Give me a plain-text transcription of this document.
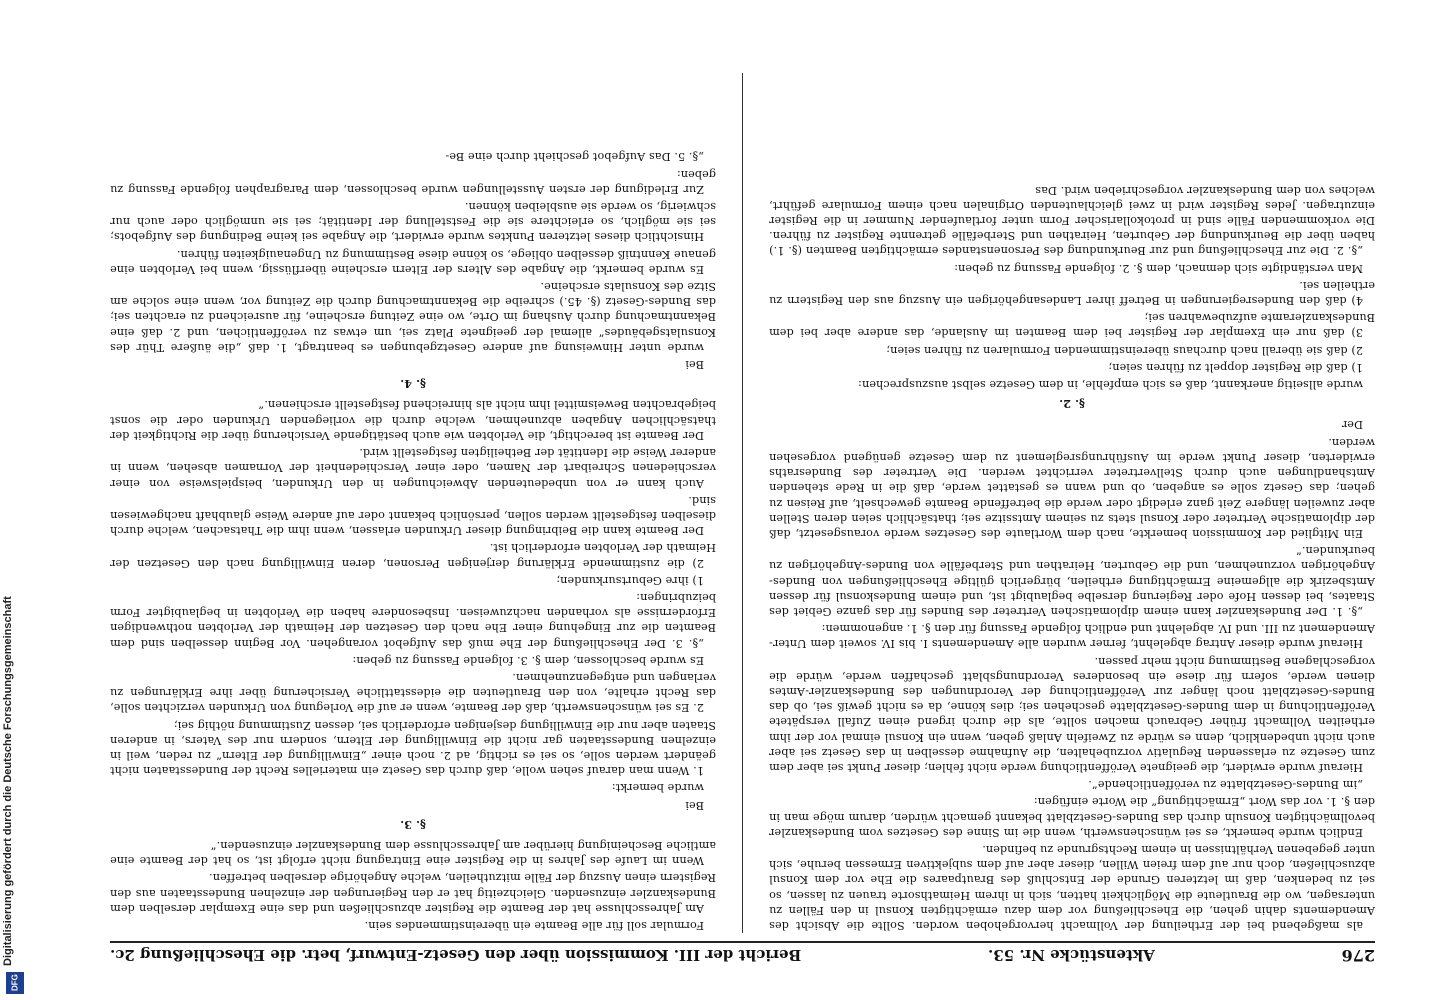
Digitalisierung gefördert durch die Deutsche Forschungsgemeinschaft
DFG
276
Aktenstücke Nr. 53.
Bericht der III. Kommission über den Gesetz-Entwurf, betr. die Eheschließung 2c.

als maßgebend bei der Ertheilung der Vollmacht hervorgehoben worden. Sollte die Absicht des Amendements dahin gehen, die Eheschließung vor dem dazu ermächtigten Konsul in den Fällen zu untersagen, wo die Brautleute die Möglichkeit hatten, sich in ihrem Heimathsorte trauen zu lassen, so sei zu bedenken, daß im letzteren Grunde der Entschluß des Brautpaares die Ehe vor dem Konsul abzuschließen, doch nur auf dem freien Willen, dieser aber auf dem subjektiven Ermessen beruhe, sich unter gegebenen Verhältnissen in einem Rechtsgrunde zu befinden.

Endlich wurde bemerkt, es sei wünschenswerth, wenn die im Sinne des Gesetzes vom Bundeskanzler bevollmächtigten Konsuln durch das Bundes-Gesetzblatt bekannt gemacht würden, darum möge man in den §. 1. vor das Wort „Ermächtigung“ die Worte einfügen:

„im Bundes-Gesetzblatte zu veröffentlichende“.

Hierauf wurde erwidert, die geeignete Veröffentlichung werde nicht fehlen; dieser Punkt sei aber dem zum Gesetze zu erlassenden Regulativ vorzubehalten, die Aufnahme desselben in das Gesetz sei aber auch nicht unbedenklich, denn es würde zu Zweifeln Anlaß geben, wenn ein Konsul einmal vor der ihm ertheilten Vollmacht früher Gebrauch machen sollte, als die durch irgend einen Zufall verspätete Veröffentlichung in dem Bundes-Gesetzblatte geschehen sei; dies könne, da es nicht gewiß sei, ob das Bundes-Gesetzblatt noch länger zur Veröffentlichung der Verordnungen des Bundeskanzler-Amtes dienen werde, sofern für diese ein besonderes Verordnungsblatt geschaffen werde, würde die vorgeschlagene Bestimmung nicht mehr passen.

Hierauf wurde dieser Antrag abgelehnt, ferner wurden alle Amendements I. bis IV. soweit dem Unter-Amendement zu III. und IV. abgelehnt und endlich folgende Fassung für den §. 1. angenommen:

„§. 1. Der Bundeskanzler kann einem diplomatischen Vertreter des Bundes für das ganze Gebiet des Staates, bei dessen Hofe oder Regierung derselbe beglaubigt ist, und einem Bundeskonsul für dessen Amtsbezirk die allgemeine Ermächtigung ertheilen, bürgerlich gültige Eheschließungen von Bundes-Angehörigen vorzunehmen, und die Geburten, Heirathen und Sterbefälle von Bundes-Angehörigen zu beurkunden.“

Ein Mitglied der Kommission bemerkte, nach dem Wortlaute des Gesetzes werde vorausgesetzt, daß der diplomatische Vertreter oder Konsul stets zu seinem Amtssitze sei; thatsächlich seien deren Stellen aber zuweilen längere Zeit ganz erledigt oder werde die betreffende Beamte gewechselt, auf Reisen zu gehen; das Gesetz solle es angeben, ob und wann es gestattet werde, daß die in Rede stehenden Amtshandlungen auch durch Stellvertreter verrichtet werden. Die Vertreter des Bundesraths erwiderten, dieser Punkt werde im Ausführungsreglement zu dem Gesetze genügend vorgesehen werden.

Der

§. 2.

wurde allseitig anerkannt, daß es sich empfehle, in dem Gesetze selbst auszusprechen:

1) daß die Register doppelt zu führen seien;

2) daß sie überall nach durchaus übereinstimmenden Formularen zu führen seien;

3) daß nur ein Exemplar der Register bei dem Beamten im Auslande, das andere aber bei dem Bundeskanzleramte aufzubewahren sei;

4) daß den Bundesregierungen in Betreff ihrer Landesangehörigen ein Auszug aus den Registern zu ertheilen sei.

Man verständigte sich demnach, dem §. 2. folgende Fassung zu geben:

„§. 2. Die zur Eheschließung und zur Beurkundung des Personenstandes ermächtigten Beamten (§. 1.) haben über die Beurkundung der Geburten, Heirathen und Sterbefälle getrennte Register zu führen. Die vorkommenden Fälle sind in protokollarischer Form unter fortlaufender Nummer in die Register einzutragen. Jedes Register wird in zwei gleichlautenden Originalen nach einem Formulare geführt, welches von dem Bundeskanzler vorgeschrieben wird. Das

Formular soll für alle Beamte ein übereinstimmendes sein.

Am Jahresschlusse hat der Beamte die Register abzuschließen und das eine Exemplar derselben dem Bundeskanzler einzusenden. Gleichzeitig hat er den Regierungen der einzelnen Bundesstaaten aus den Registern einen Auszug der Fälle mitzutheilen, welche Angehörige derselben betreffen.

Wenn im Laufe des Jahres in die Register eine Eintragung nicht erfolgt ist, so hat der Beamte eine amtliche Bescheinigung hierüber am Jahresschlusse dem Bundeskanzler einzusenden.“

§. 3.

Bei

wurde bemerkt:

1. Wenn man darauf sehen wolle, daß durch das Gesetz ein materielles Recht der Bundesstaaten nicht geändert werden solle, so sei es richtig, ad 2. noch einer „Einwilligung der Eltern“ zu reden, weil in einzelnen Bundesstaaten gar nicht die Einwilligung der Eltern, sondern nur des Vaters, in anderen Staaten aber nur die Einwilligung desjenigen erforderlich sei, dessen Zustimmung nöthig sei;

2. Es sei wünschenswerth, daß der Beamte, wenn er auf die Vorlegung von Urkunden verzichten solle, das Recht erhalte, von den Brautleuten die eidesstattliche Versicherung über ihre Erklärungen zu verlangen und entgegenzunehmen.

Es wurde beschlossen, dem §. 3. folgende Fassung zu geben:

„§. 3. Der Eheschließung der Ehe muß das Aufgebot vorangehen. Vor Beginn desselben sind dem Beamten die zur Eingehung einer Ehe nach den Gesetzen der Heimath der Verlobten nothwendigen Erfordernisse als vorhanden nachzuweisen. Insbesondere haben die Verlobten in beglaubigter Form beizubringen:

1) ihre Geburtsurkunden;

2) die zustimmende Erklärung derjenigen Personen, deren Einwilligung nach den Gesetzen der Heimath der Verlobten erforderlich ist.

Der Beamte kann die Beibringung dieser Urkunden erlassen, wenn ihm die Thatsachen, welche durch dieselben festgestellt werden sollen, persönlich bekannt oder auf andere Weise glaubhaft nachgewiesen sind.

Auch kann er von unbedeutenden Abweichungen in den Urkunden, beispielsweise von einer verschiedenen Schreibart der Namen, oder einer Verschiedenheit der Vornamen absehen, wenn in anderer Weise die Identität der Betheiligten festgestellt wird.

Der Beamte ist berechtigt, die Verlobten wie auch bestätigende Versicherung über die Richtigkeit der thatsächlichen Angaben abzunehmen, welche durch die vorliegenden Urkunden oder die sonst beigebrachten Beweismittel ihm nicht als hinreichend festgestellt erschienen.“

§. 4.

Bei

wurde unter Hinweisung auf andere Gesetzgebungen es beantragt, 1. daß „die äußere Thür des Konsulatsgebäudes“ allemal der geeignete Platz sei, um etwas zu veröffentlichen, und 2. daß eine Bekanntmachung durch Aushang im Orte, wo eine Zeitung erscheine, für ausreichend zu erachten sei; das Bundes-Gesetz (§. 45.) schreibe die Bekanntmachung durch die Zeitung vor, wenn eine solche am Sitze des Konsulats erscheine.

Es wurde bemerkt, die Angabe des Alters der Eltern erscheine überflüssig, wenn bei Verlobten eine genaue Kenntniß desselben obliege, so könne diese Bestimmung zu Ungenauigkeiten führen.

Hinsichtlich dieses letzteren Punktes wurde erwidert, die Angabe sei keine Bedingung des Aufgebots; sei sie möglich, so erleichtere sie die Feststellung der Identität; sei sie unmöglich oder auch nur schwierig, so werde sie ausbleiben können.

Zur Erledigung der ersten Ausstellungen wurde beschlossen, dem Paragraphen folgende Fassung zu geben:

„§. 5. Das Aufgebot geschieht durch eine Be-
